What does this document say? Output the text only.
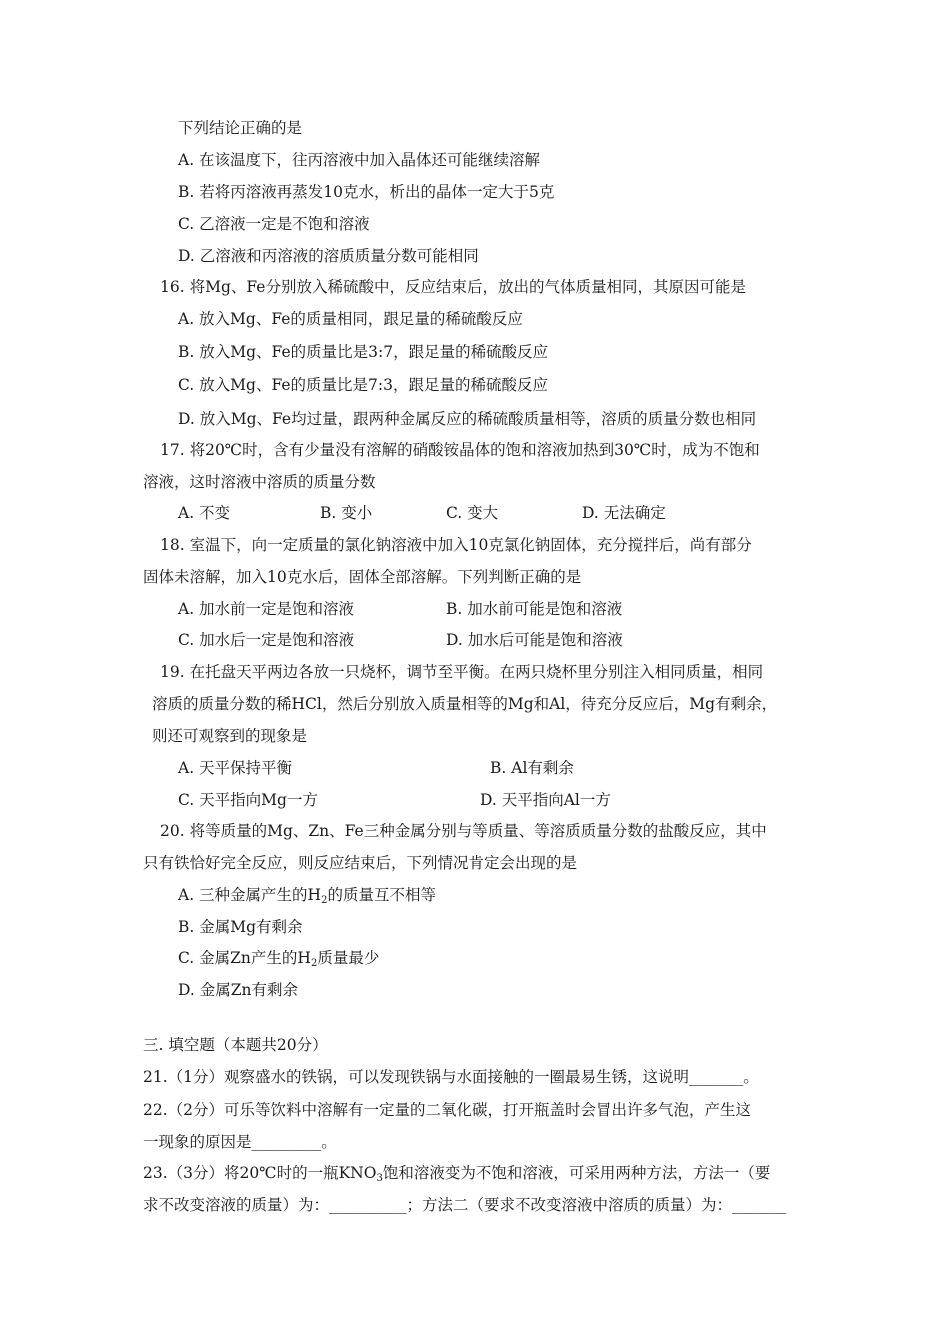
下列结论正确的是
A. 在该温度下，往丙溶液中加入晶体还可能继续溶解
B. 若将丙溶液再蒸发10克水，析出的晶体一定大于5克
C. 乙溶液一定是不饱和溶液
D. 乙溶液和丙溶液的溶质质量分数可能相同
16. 将Mg、Fe分别放入稀硫酸中，反应结束后，放出的气体质量相同，其原因可能是
A. 放入Mg、Fe的质量相同，跟足量的稀硫酸反应
B. 放入Mg、Fe的质量比是3:7，跟足量的稀硫酸反应
C. 放入Mg、Fe的质量比是7:3，跟足量的稀硫酸反应
D. 放入Mg、Fe均过量，跟两种金属反应的稀硫酸质量相等，溶质的质量分数也相同
17. 将20℃时，含有少量没有溶解的硝酸铵晶体的饱和溶液加热到30℃时，成为不饱和
溶液，这时溶液中溶质的质量分数
A. 不变	B. 变小	C. 变大	D. 无法确定
18. 室温下，向一定质量的氯化钠溶液中加入10克氯化钠固体，充分搅拌后，尚有部分
固体未溶解，加入10克水后，固体全部溶解。下列判断正确的是
A. 加水前一定是饱和溶液	B. 加水前可能是饱和溶液
C. 加水后一定是饱和溶液	D. 加水后可能是饱和溶液
19. 在托盘天平两边各放一只烧杯，调节至平衡。在两只烧杯里分别注入相同质量，相同
溶质的质量分数的稀HCl，然后分别放入质量相等的Mg和Al，待充分反应后，Mg有剩余，
则还可观察到的现象是
A. 天平保持平衡	B. Al有剩余
C. 天平指向Mg一方	D. 天平指向Al一方
20. 将等质量的Mg、Zn、Fe三种金属分别与等质量、等溶质质量分数的盐酸反应，其中
只有铁恰好完全反应，则反应结束后，下列情况肯定会出现的是
A. 三种金属产生的$H_2$的质量互不相等
B. 金属Mg有剩余
C. 金属Zn产生的$H_2$质量最少
D. 金属Zn有剩余
三. 填空题（本题共20分）
21.（1分）观察盛水的铁锅，可以发现铁锅与水面接触的一圈最易生锈，这说明_______。
22.（2分）可乐等饮料中溶解有一定量的二氧化碳，打开瓶盖时会冒出许多气泡，产生这
一现象的原因是_________。
23.（3分）将20℃时的一瓶$KNO_3$饱和溶液变为不饱和溶液，可采用两种方法，方法一（要
求不改变溶液的质量）为：__________；方法二（要求不改变溶液中溶质的质量）为：_______
